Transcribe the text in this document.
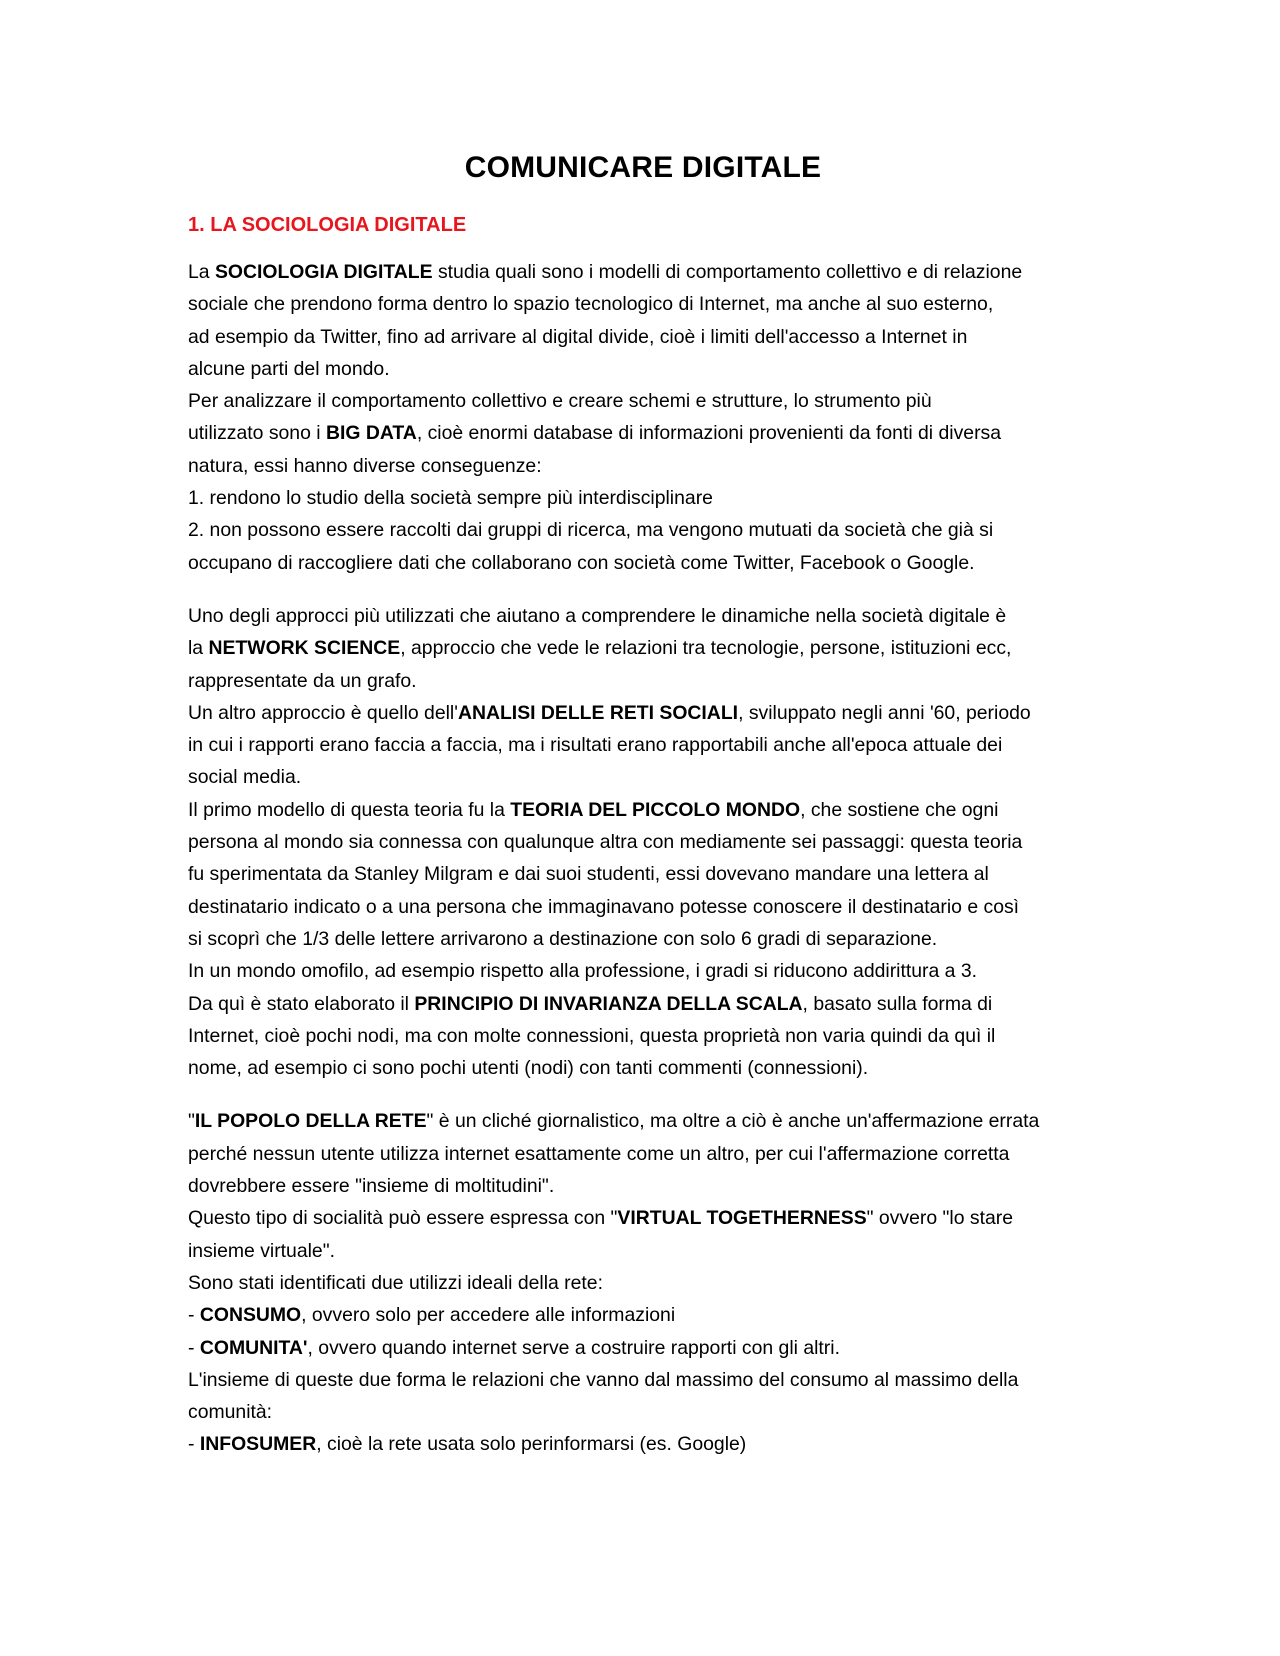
COMUNICARE DIGITALE
1. LA SOCIOLOGIA DIGITALE
La SOCIOLOGIA DIGITALE studia quali sono i modelli di comportamento collettivo e di relazione
sociale che prendono forma dentro lo spazio tecnologico di Internet, ma anche al suo esterno,
ad esempio da Twitter, fino ad arrivare al digital divide, cioè i limiti dell'accesso a Internet in
alcune parti del mondo.
Per analizzare il comportamento collettivo e creare schemi e strutture, lo strumento più
utilizzato sono i BIG DATA, cioè enormi database di informazioni provenienti da fonti di diversa
natura, essi hanno diverse conseguenze:
1. rendono lo studio della società sempre più interdisciplinare
2. non possono essere raccolti dai gruppi di ricerca, ma vengono mutuati da società che già si
occupano di raccogliere dati che collaborano con società come Twitter, Facebook o Google.
Uno degli approcci più utilizzati che aiutano a comprendere le dinamiche nella società digitale è
la NETWORK SCIENCE, approccio che vede le relazioni tra tecnologie, persone, istituzioni ecc,
rappresentate da un grafo.
Un altro approccio è quello dell'ANALISI DELLE RETI SOCIALI, sviluppato negli anni '60, periodo
in cui i rapporti erano faccia a faccia, ma i risultati erano rapportabili anche all'epoca attuale dei
social media.
Il primo modello di questa teoria fu la TEORIA DEL PICCOLO MONDO, che sostiene che ogni
persona al mondo sia connessa con qualunque altra con mediamente sei passaggi: questa teoria
fu sperimentata da Stanley Milgram e dai suoi studenti, essi dovevano mandare una lettera al
destinatario indicato o a una persona che immaginavano potesse conoscere il destinatario e così
si scoprì che 1/3 delle lettere arrivarono a destinazione con solo 6 gradi di separazione.
In un mondo omofilo, ad esempio rispetto alla professione, i gradi si riducono addirittura a 3.
Da quì è stato elaborato il PRINCIPIO DI INVARIANZA DELLA SCALA, basato sulla forma di
Internet, cioè pochi nodi, ma con molte connessioni, questa proprietà non varia quindi da quì il
nome, ad esempio ci sono pochi utenti (nodi) con tanti commenti (connessioni).
"IL POPOLO DELLA RETE" è un cliché giornalistico, ma oltre a ciò è anche un'affermazione errata
perché nessun utente utilizza internet esattamente come un altro, per cui l'affermazione corretta
dovrebbere essere "insieme di moltitudini".
Questo tipo di socialità può essere espressa con "VIRTUAL TOGETHERNESS" ovvero "lo stare
insieme virtuale".
Sono stati identificati due utilizzi ideali della rete:
- CONSUMO, ovvero solo per accedere alle informazioni
- COMUNITA', ovvero quando internet serve a costruire rapporti con gli altri.
L'insieme di queste due forma le relazioni che vanno dal massimo del consumo al massimo della
comunità:
- INFOSUMER, cioè la rete usata solo perinformarsi (es. Google)
